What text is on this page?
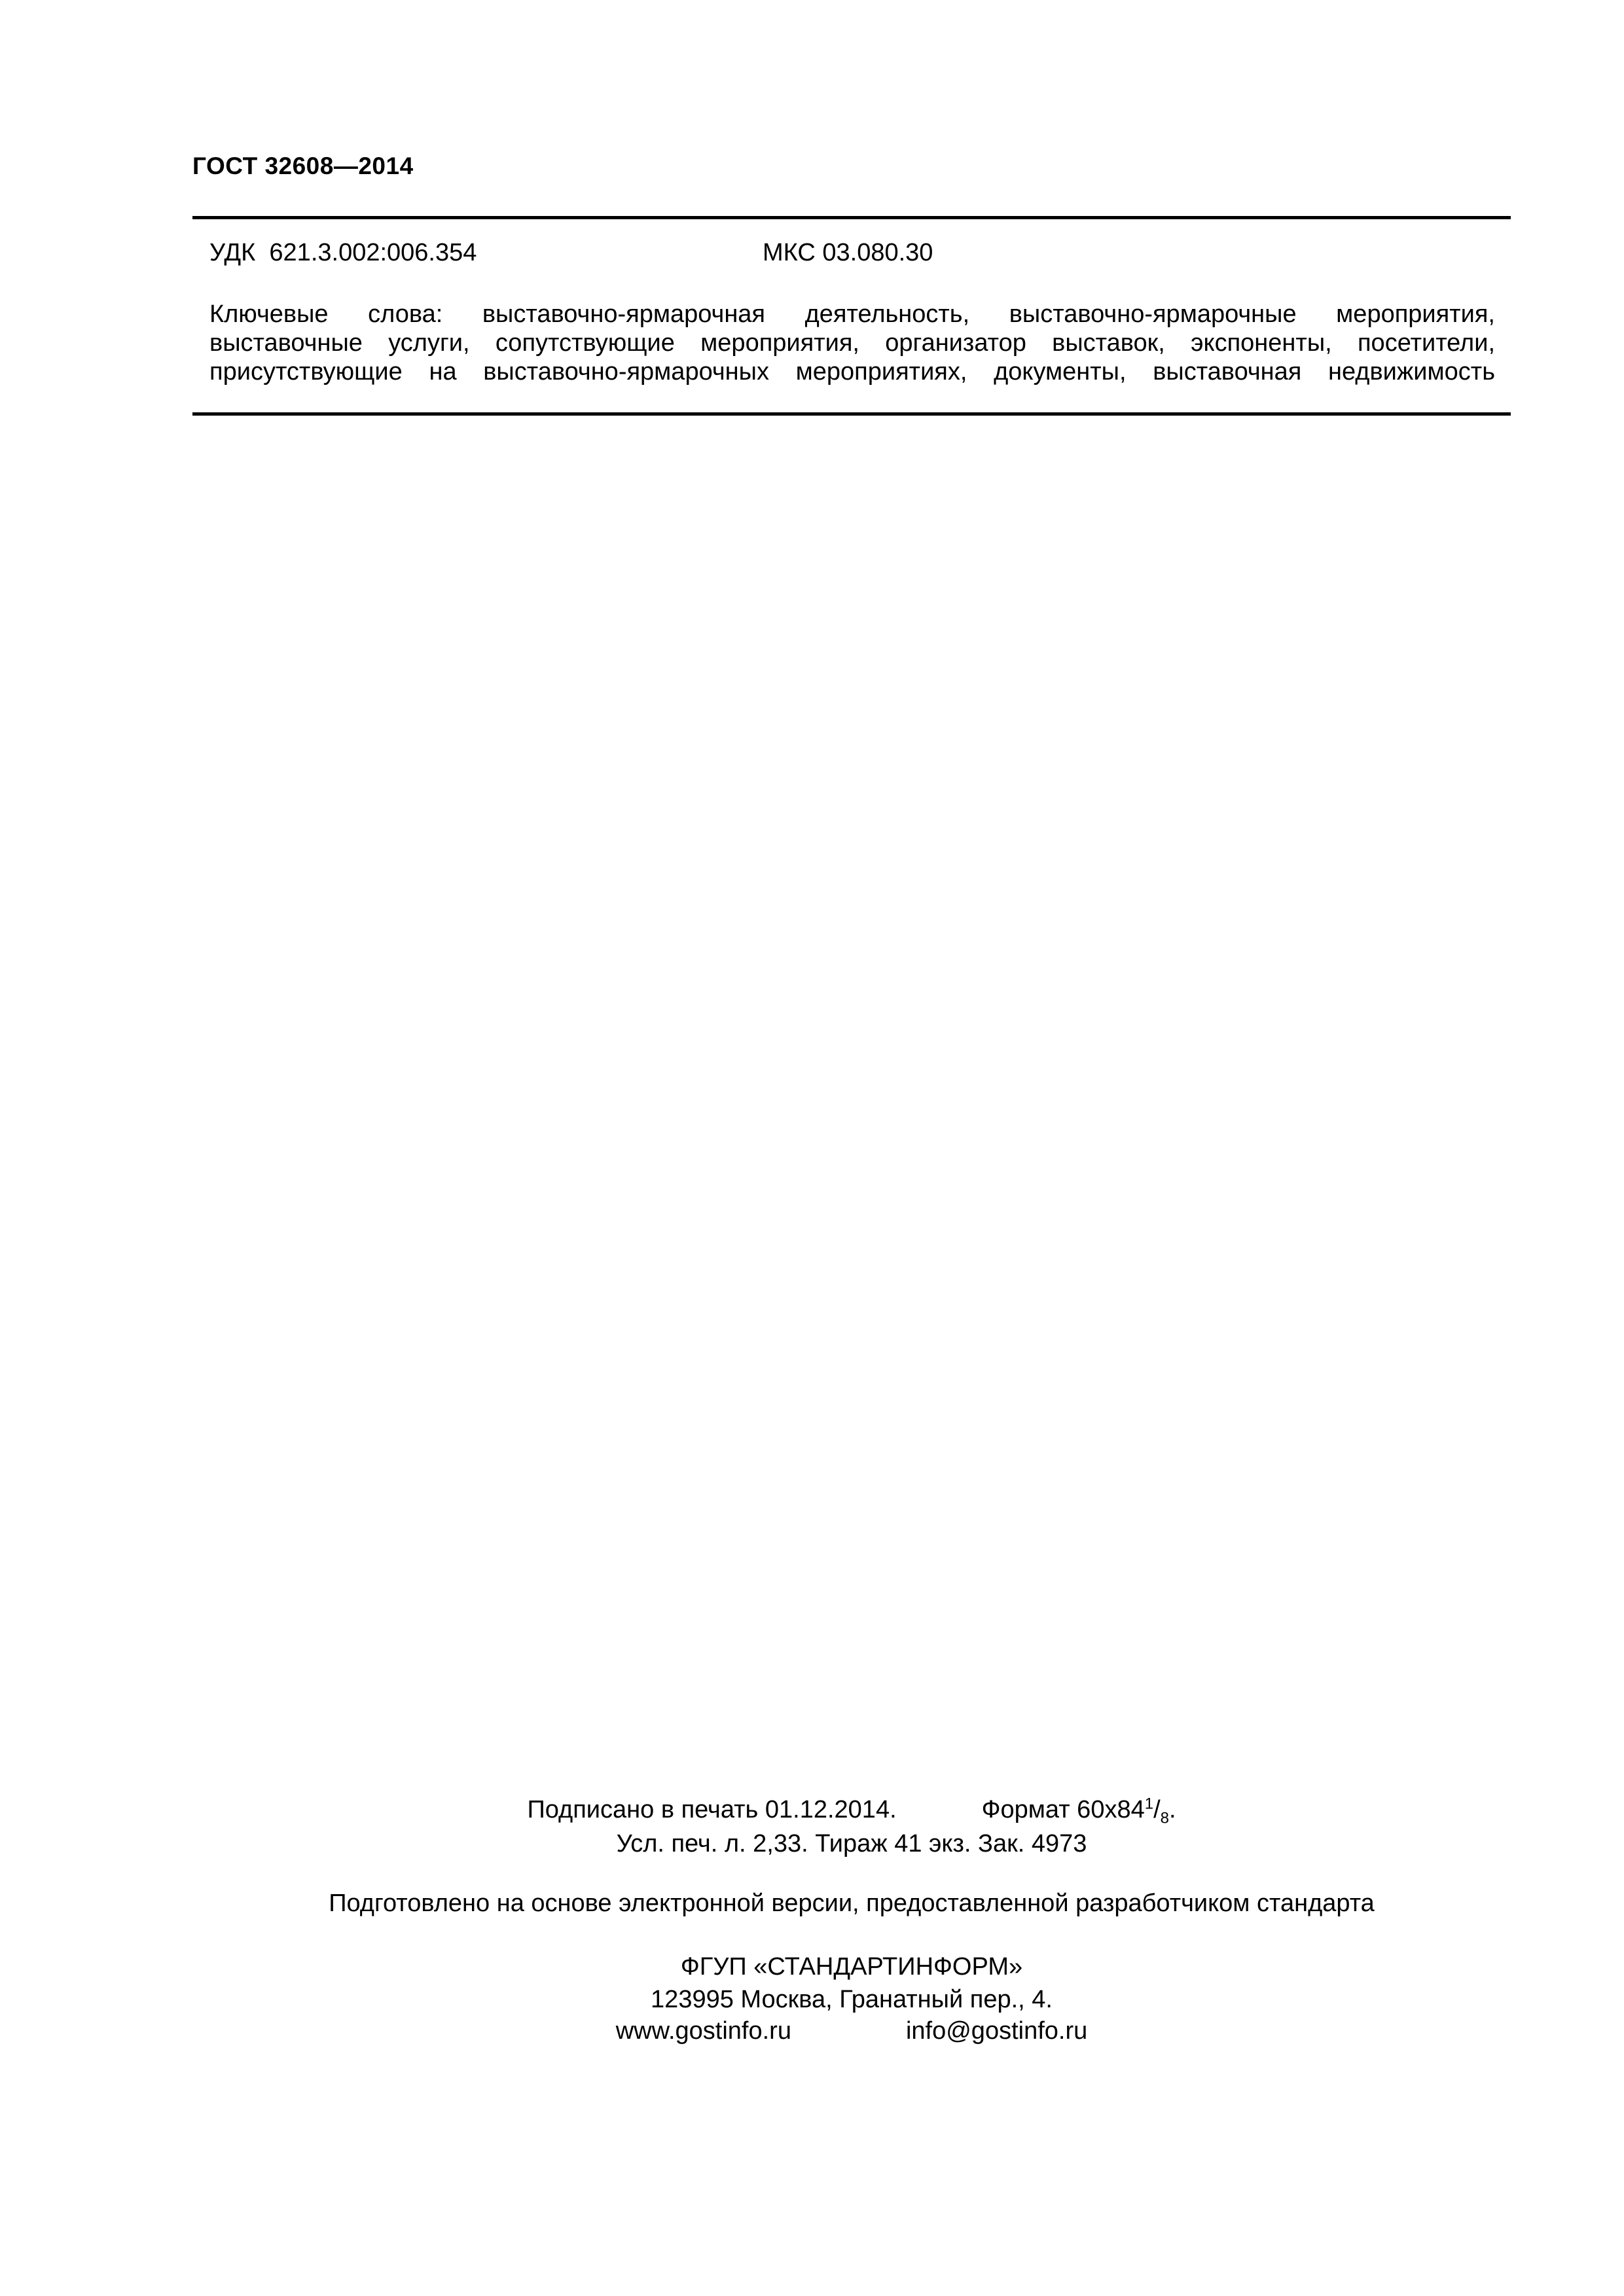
ГОСТ 32608—2014
УДК  621.3.002:006.354	МКС 03.080.30
Ключевые слова: выставочно-ярмарочная деятельность, выставочно-ярмарочные мероприятия,
выставочные услуги, сопутствующие мероприятия, организатор выставок, экспоненты, посетители,
присутствующие на выставочно-ярмарочных мероприятиях, документы, выставочная недвижимость
Подписано в печать 01.12.2014.	Формат $60x84^1/_8$.
Усл. печ. л. 2,33. Тираж 41 экз. Зак. 4973
Подготовлено на основе электронной версии, предоставленной разработчиком стандарта
ФГУП «СТАНДАРТИНФОРМ»
123995 Москва, Гранатный пер., 4.
www.gostinfo.ru	info@gostinfo.ru
